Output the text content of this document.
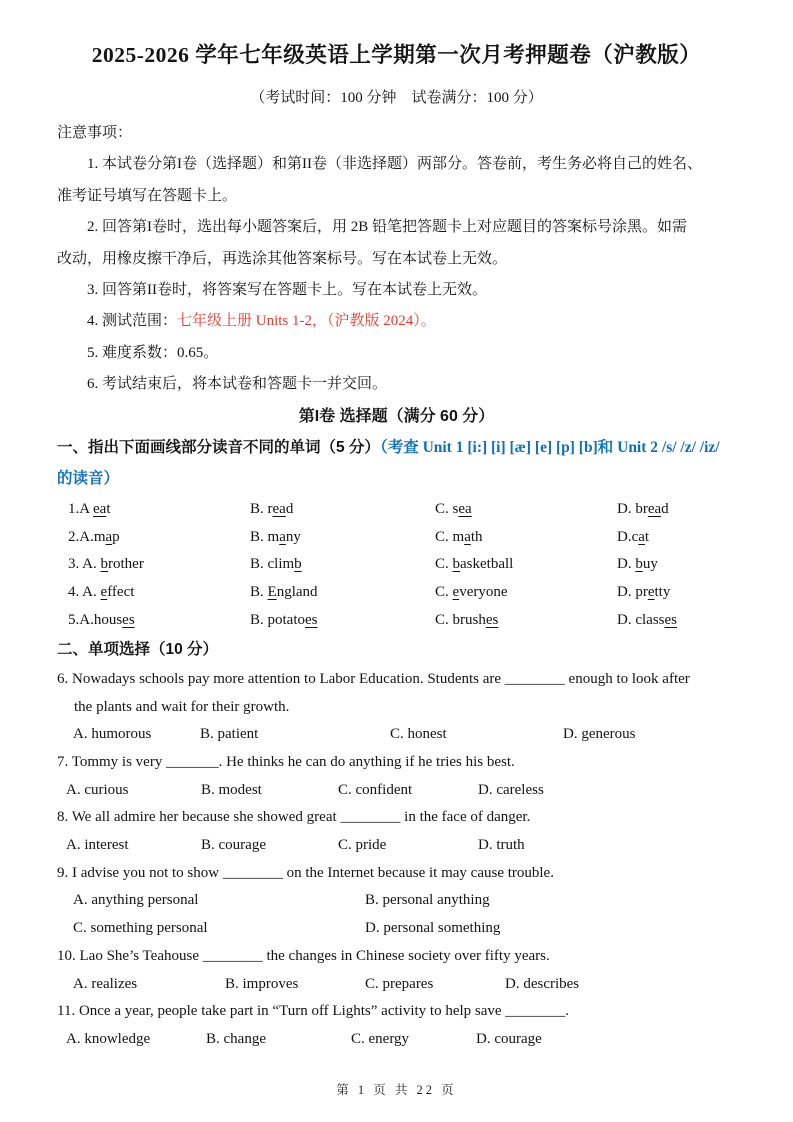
2025-2026 学年七年级英语上学期第一次月考押题卷（沪教版）
（考试时间：100 分钟　试卷满分：100 分）
注意事项：
1. 本试卷分第I卷（选择题）和第II卷（非选择题）两部分。答卷前，考生务必将自己的姓名、
准考证号填写在答题卡上。
2. 回答第I卷时，选出每小题答案后，用 2B 铅笔把答题卡上对应题目的答案标号涂黑。如需
改动，用橡皮擦干净后，再选涂其他答案标号。写在本试卷上无效。
3. 回答第II卷时，将答案写在答题卡上。写在本试卷上无效。
4. 测试范围：七年级上册 Units 1-2，（沪教版 2024）。
5. 难度系数：0.65。
6. 考试结束后，将本试卷和答题卡一并交回。
第I卷 选择题（满分 60 分）
一、指出下面画线部分读音不同的单词（5 分）（考查 Unit 1 [i:] [i] [æ] [e] [p] [b]和 Unit 2 /s/ /z/ /iz/
的读音）
1.A eat	B. read	C. sea	D. bread
2.A.map	B. many	C. math	D.cat
3. A. brother	B. climb	C. basketball	D. buy
4. A. effect	B. England	C. everyone	D. pretty
5.A.houses	B. potatoes	C. brushes	D. classes
二、单项选择（10 分）
6. Nowadays schools pay more attention to Labor Education. Students are ________ enough to look after
the plants and wait for their growth.
A. humorous	B. patient	C. honest	D. generous
7. Tommy is very _______. He thinks he can do anything if he tries his best.
A. curious	B. modest	C. confident	D. careless
8. We all admire her because she showed great ________ in the face of danger.
A. interest	B. courage	C. pride	D. truth
9. I advise you not to show ________ on the Internet because it may cause trouble.
A. anything personal	B. personal anything
C. something personal	D. personal something
10. Lao She’s Teahouse ________ the changes in Chinese society over fifty years.
A. realizes	B. improves	C. prepares	D. describes
11. Once a year, people take part in “Turn off Lights” activity to help save ________.
A. knowledge	B. change	C. energy	D. courage
第 1 页 共 22 页
